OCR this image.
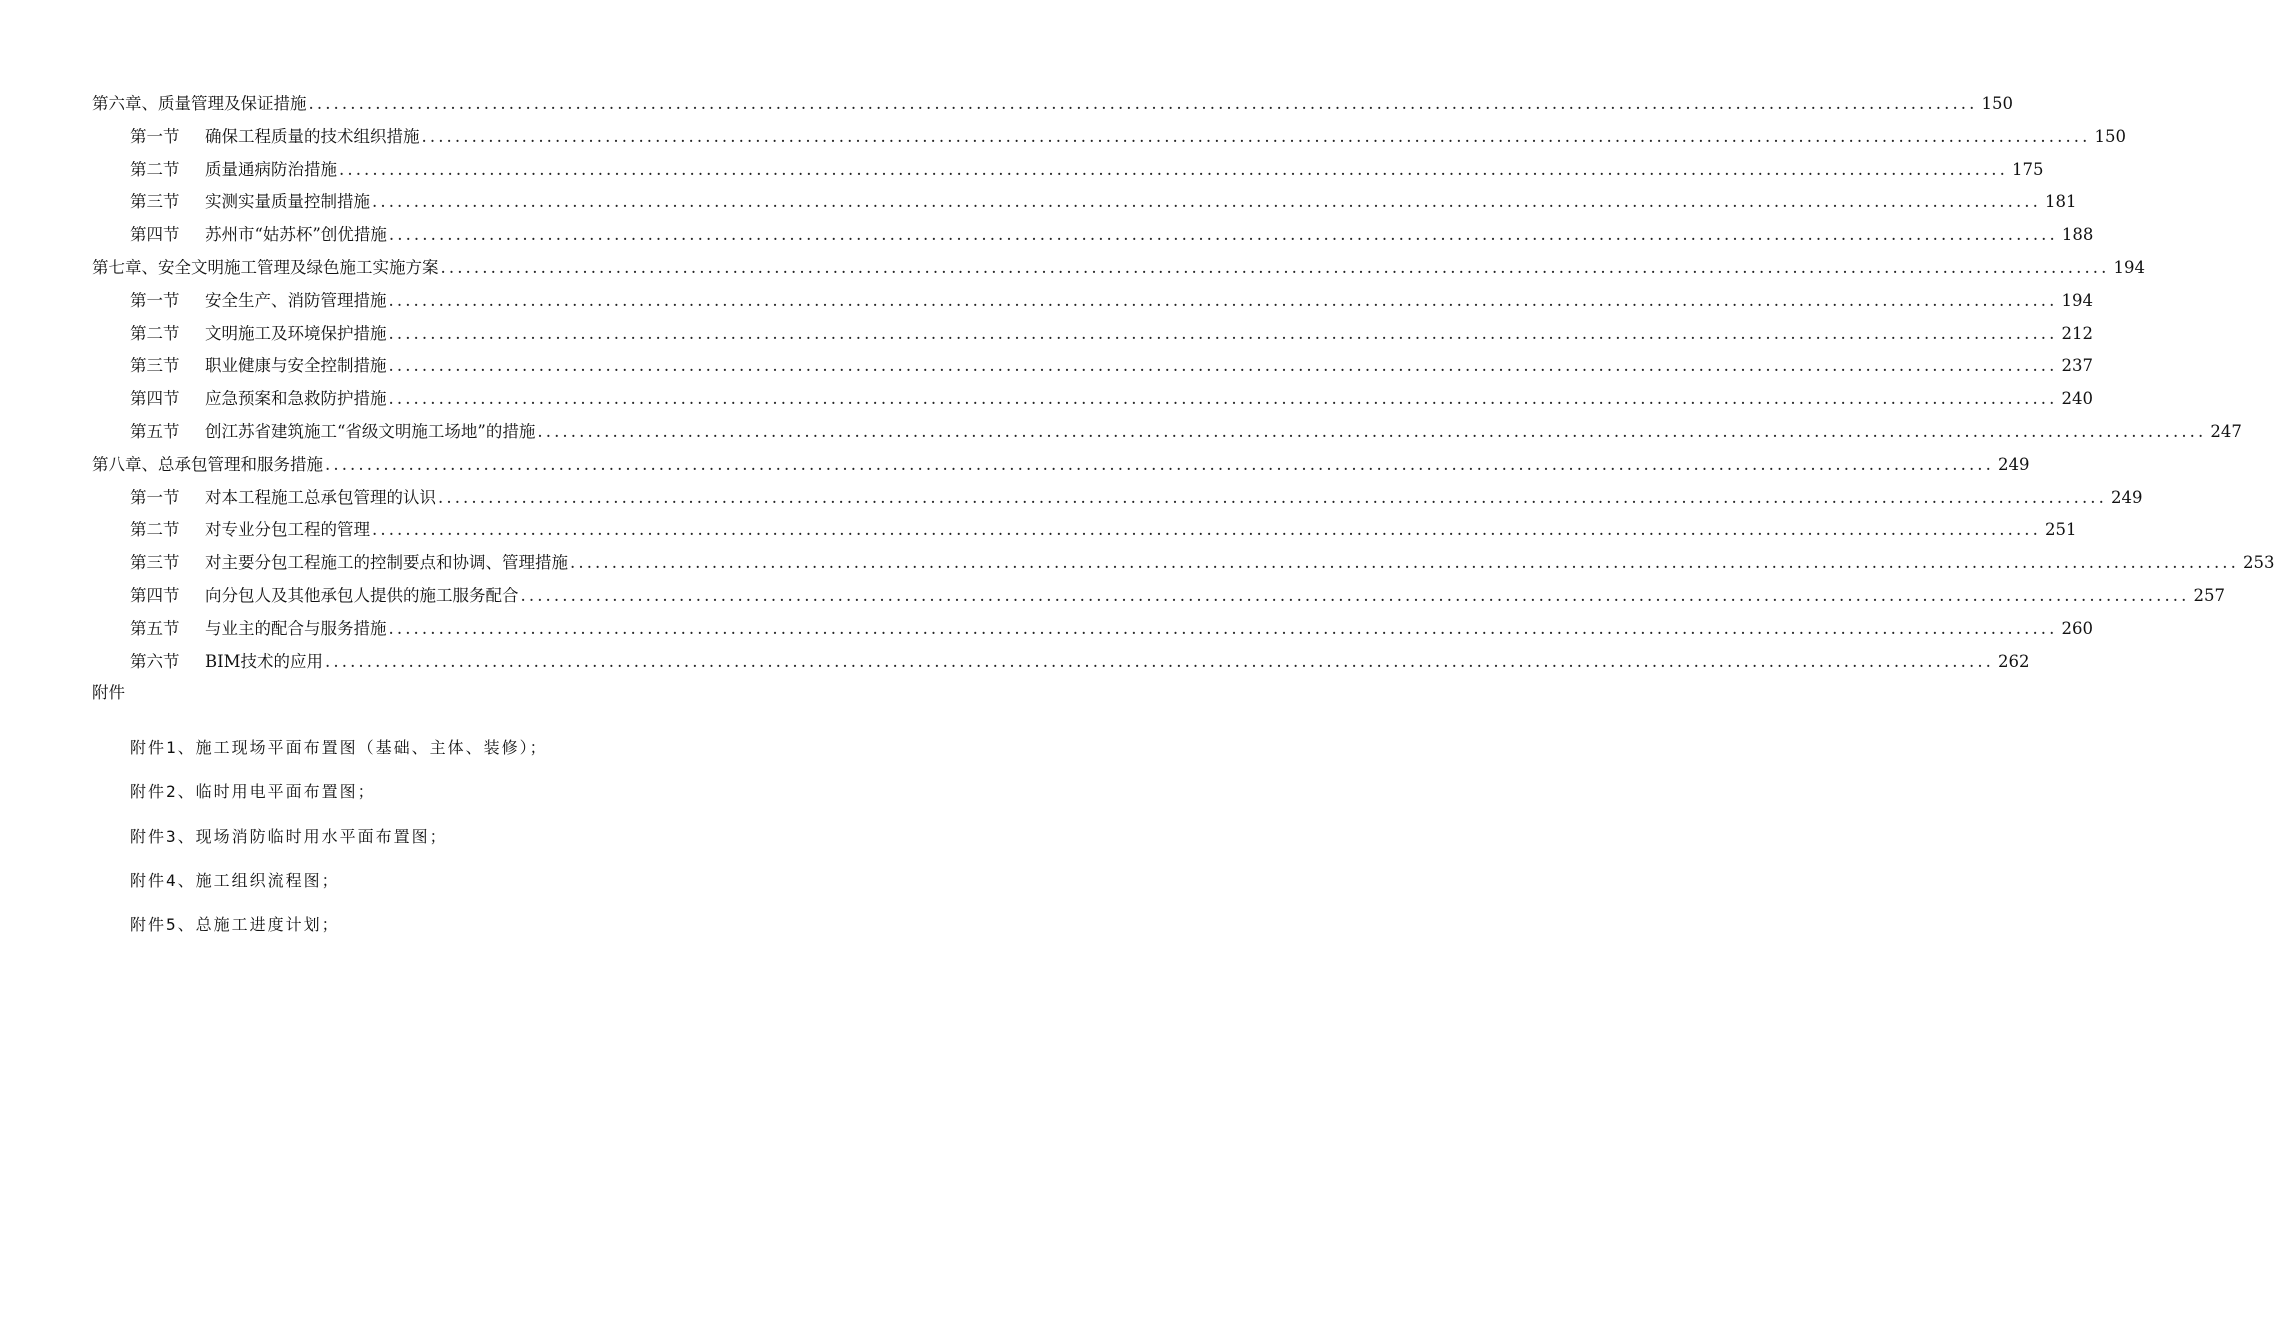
第六章、质量管理及保证措施 ........................................................................................................................................................................................................ 150
第一节 确保工程质量的技术组织措施 ........................................................................................................................................................................................................ 150
第二节 质量通病防治措施 ........................................................................................................................................................................................................ 175
第三节 实测实量质量控制措施 ........................................................................................................................................................................................................ 181
第四节 苏州市“姑苏杯”创优措施 ........................................................................................................................................................................................................ 188
第七章、安全文明施工管理及绿色施工实施方案 ........................................................................................................................................................................................................ 194
第一节 安全生产、消防管理措施 ........................................................................................................................................................................................................ 194
第二节 文明施工及环境保护措施 ........................................................................................................................................................................................................ 212
第三节 职业健康与安全控制措施 ........................................................................................................................................................................................................ 237
第四节 应急预案和急救防护措施 ........................................................................................................................................................................................................ 240
第五节 创江苏省建筑施工“省级文明施工场地”的措施 ........................................................................................................................................................................................................ 247
第八章、总承包管理和服务措施 ........................................................................................................................................................................................................ 249
第一节 对本工程施工总承包管理的认识 ........................................................................................................................................................................................................ 249
第二节 对专业分包工程的管理 ........................................................................................................................................................................................................ 251
第三节 对主要分包工程施工的控制要点和协调、管理措施 ........................................................................................................................................................................................................ 253
第四节 向分包人及其他承包人提供的施工服务配合 ........................................................................................................................................................................................................ 257
第五节 与业主的配合与服务措施 ........................................................................................................................................................................................................ 260
第六节 BIM技术的应用 ........................................................................................................................................................................................................ 262
附件
附件1、施工现场平面布置图（基础、主体、装修）；
附件2、临时用电平面布置图；
附件3、现场消防临时用水平面布置图；
附件4、施工组织流程图；
附件5、总施工进度计划；
